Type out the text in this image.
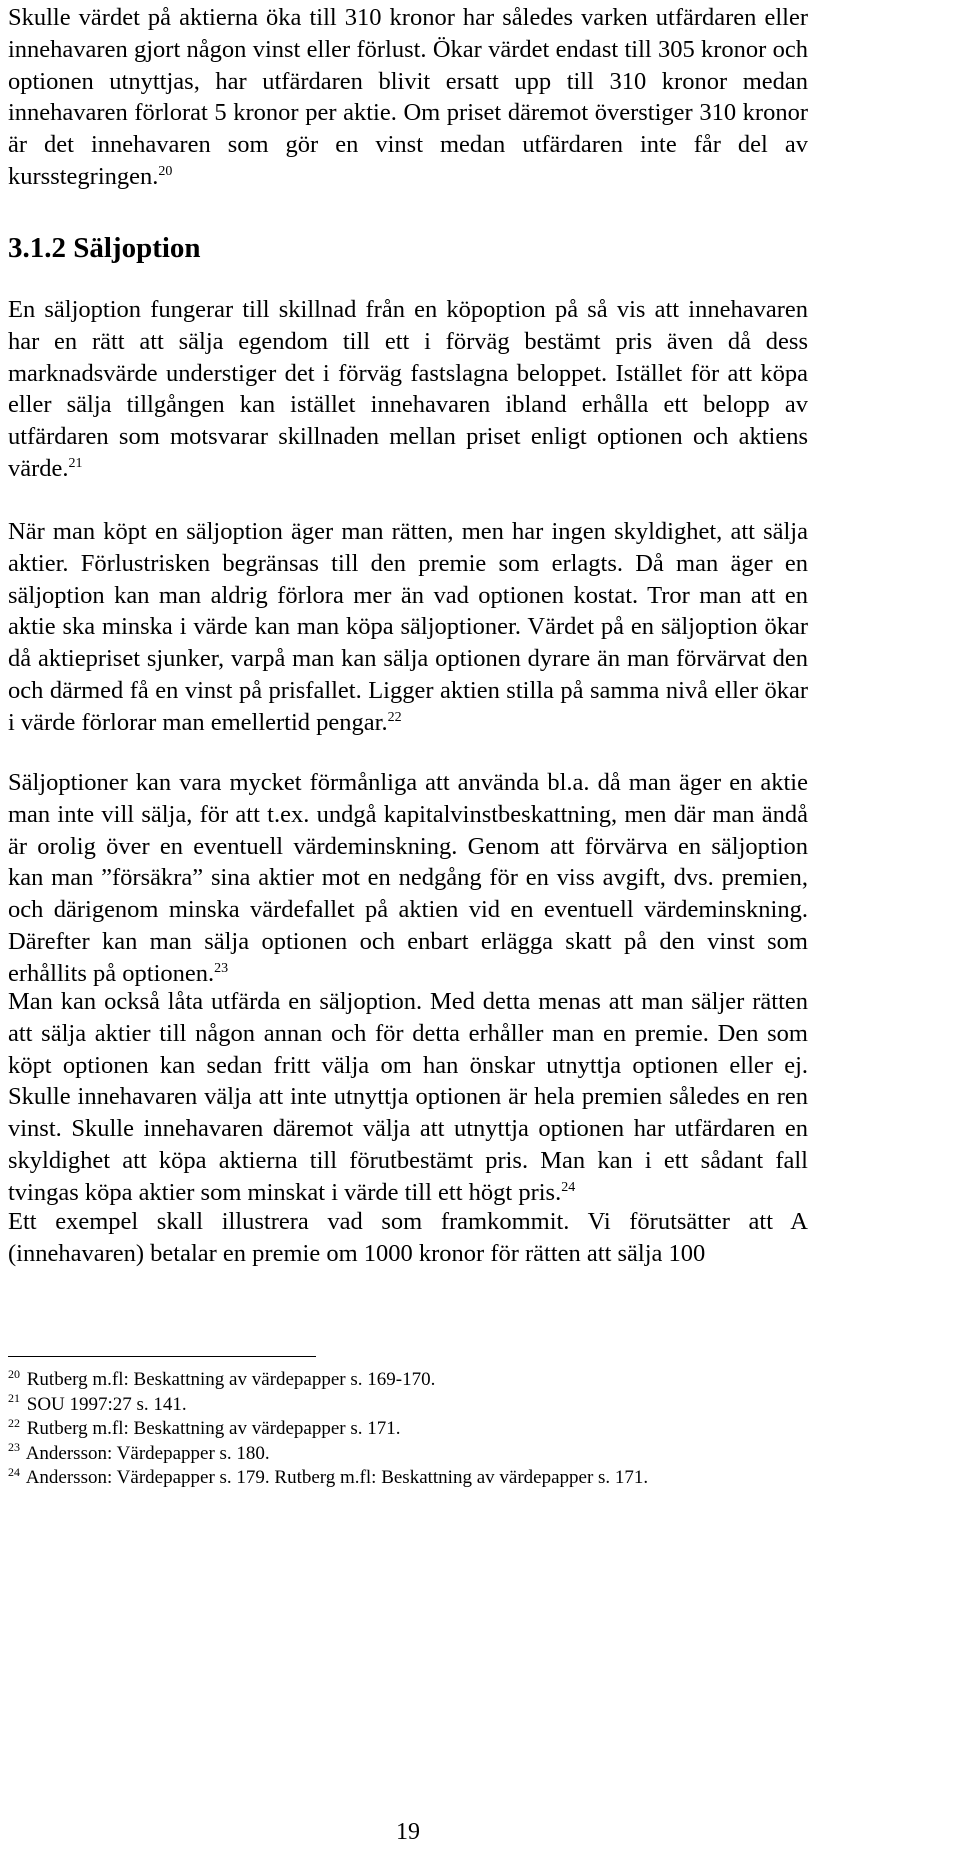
Skulle värdet på aktierna öka till 310 kronor har således varken utfärdaren eller innehavaren gjort någon vinst eller förlust. Ökar värdet endast till 305 kronor och optionen utnyttjas, har utfärdaren blivit ersatt upp till 310 kronor medan innehavaren förlorat 5 kronor per aktie. Om priset däremot överstiger 310 kronor är det innehavaren som gör en vinst medan utfärdaren inte får del av kursstegringen.$^{20}$

3.1.2 Säljoption

En säljoption fungerar till skillnad från en köpoption på så vis att innehavaren har en rätt att sälja egendom till ett i förväg bestämt pris även då dess marknadsvärde understiger det i förväg fastslagna beloppet. Istället för att köpa eller sälja tillgången kan istället innehavaren ibland erhålla ett belopp av utfärdaren som motsvarar skillnaden mellan priset enligt optionen och aktiens värde.$^{21}$

När man köpt en säljoption äger man rätten, men har ingen skyldighet, att sälja aktier. Förlustrisken begränsas till den premie som erlagts. Då man äger en säljoption kan man aldrig förlora mer än vad optionen kostat. Tror man att en aktie ska minska i värde kan man köpa säljoptioner. Värdet på en säljoption ökar då aktiepriset sjunker, varpå man kan sälja optionen dyrare än man förvärvat den och därmed få en vinst på prisfallet. Ligger aktien stilla på samma nivå eller ökar i värde förlorar man emellertid pengar.$^{22}$

Säljoptioner kan vara mycket förmånliga att använda bl.a. då man äger en aktie man inte vill sälja, för att t.ex. undgå kapitalvinstbeskattning, men där man ändå är orolig över en eventuell värdeminskning. Genom att förvärva en säljoption kan man ”försäkra” sina aktier mot en nedgång för en viss avgift, dvs. premien, och därigenom minska värdefallet på aktien vid en eventuell värdeminskning. Därefter kan man sälja optionen och enbart erlägga skatt på den vinst som erhållits på optionen.$^{23}$

Man kan också låta utfärda en säljoption. Med detta menas att man säljer rätten att sälja aktier till någon annan och för detta erhåller man en premie. Den som köpt optionen kan sedan fritt välja om han önskar utnyttja optionen eller ej. Skulle innehavaren välja att inte utnyttja optionen är hela premien således en ren vinst. Skulle innehavaren däremot välja att utnyttja optionen har utfärdaren en skyldighet att köpa aktierna till förutbestämt pris. Man kan i ett sådant fall tvingas köpa aktier som minskat i värde till ett högt pris.$^{24}$

Ett exempel skall illustrera vad som framkommit. Vi förutsätter att A (innehavaren) betalar en premie om 1000 kronor för rätten att sälja 100

$^{20}$ Rutberg m.fl: Beskattning av värdepapper s. 169-170.
$^{21}$ SOU 1997:27 s. 141.
$^{22}$ Rutberg m.fl: Beskattning av värdepapper s. 171.
$^{23}$ Andersson: Värdepapper s. 180.
$^{24}$ Andersson: Värdepapper s. 179. Rutberg m.fl: Beskattning av värdepapper s. 171.
19
